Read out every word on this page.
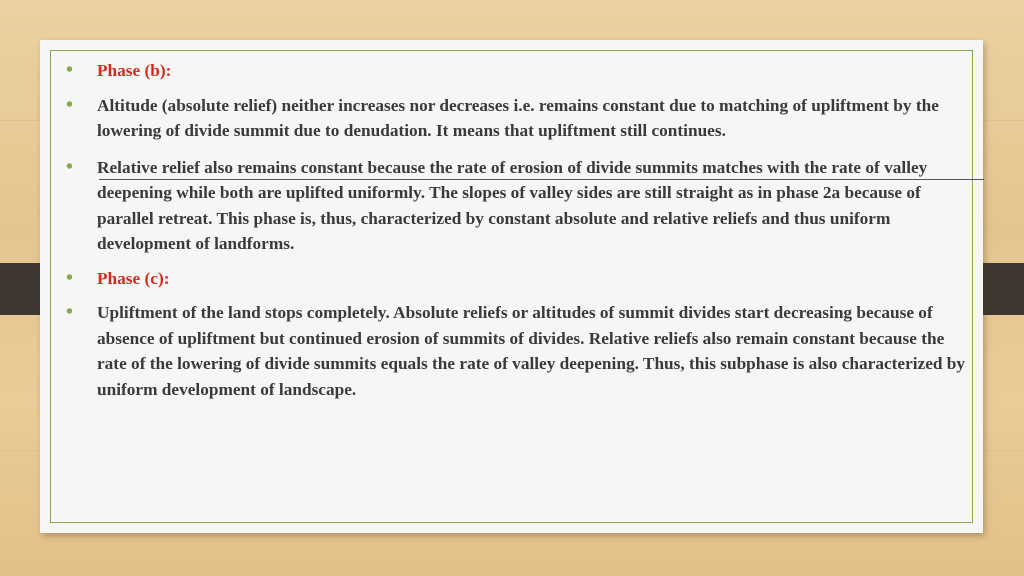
• Phase (b):
• Altitude (absolute relief) neither increases nor decreases i.e. remains constant due to matching of upliftment by the lowering of divide summit due to denudation. It means that upliftment still continues.
• Relative relief also remains constant because the rate of erosion of divide summits matches with the rate of valley deepening while both are uplifted uniformly. The slopes of valley sides are still straight as in phase 2a because of parallel retreat. This phase is, thus, characterized by constant absolute and relative reliefs and thus uniform development of landforms.
• Phase (c):
• Upliftment of the land stops completely. Absolute reliefs or altitudes of summit divides start decreasing because of absence of upliftment but continued erosion of summits of divides. Relative reliefs also remain constant because the rate of the lowering of divide summits equals the rate of valley deepening. Thus, this subphase is also characterized by uniform development of landscape.
